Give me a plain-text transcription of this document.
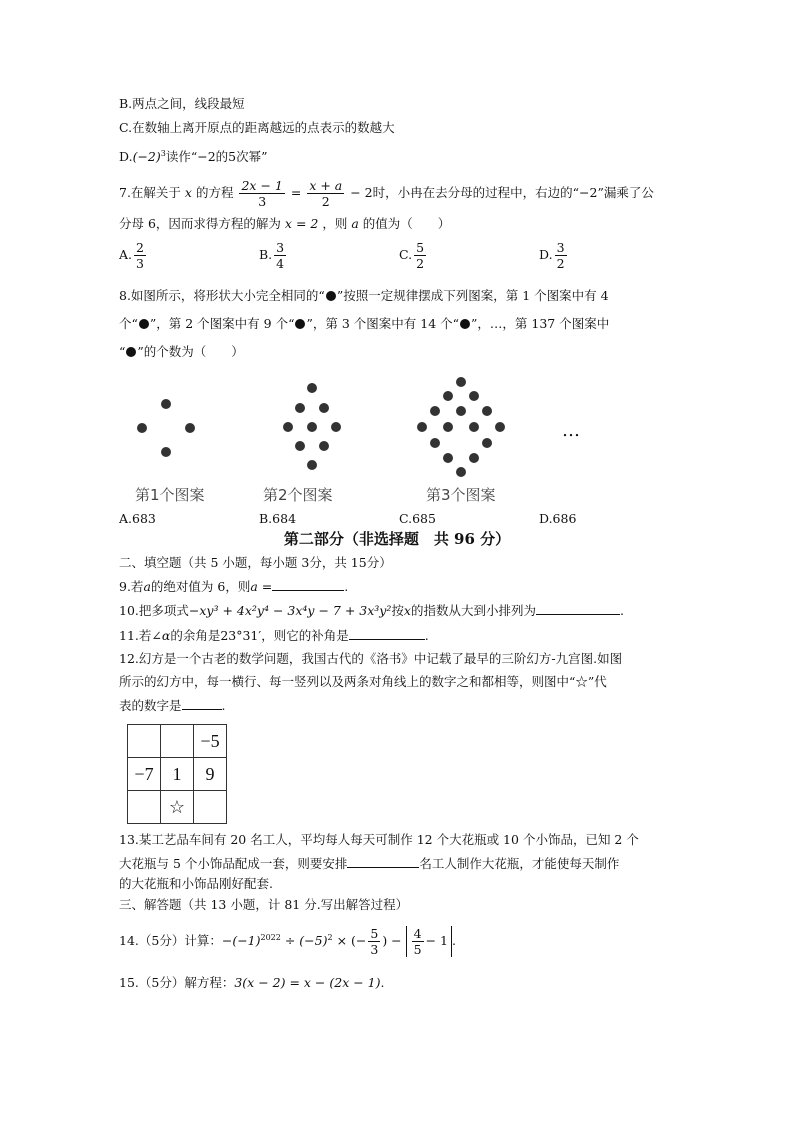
B.两点之间，线段最短
C.在数轴上离开原点的距离越远的点表示的数越大
$D.(-2)^3$读作“−2的5次幂”
7.在解关于 x 的方程 $\frac{2x - 1}{3} = \frac{x + a}{2} - 2$时，小冉在去分母的过程中，右边的“−2”漏乘了公
分母 6，因而求得方程的解为 x = 2 ，则 a 的值为（　　）
A. $\frac{2}{3}$	B. $\frac{3}{4}$	C. $\frac{5}{2}$	D. $\frac{3}{2}$
8.如图所示，将形状大小完全相同的“ ”按照一定规律摆成下列图案，第 1 个图案中有 4
个“ ”，第 2 个图案中有 9 个“ ”，第 3 个图案中有 14 个“ ”，…，第 137 个图案中
“ ”的个数为（　　）
…
第1个图案	第2个图案	第3个图案
A.683	B.684	C.685	D.686
第二部分（非选择题　共 96 分）
二、填空题（共 5 小题，每小题 3分，共 15分）
9.若a的绝对值为 6，则a =	.
10.把多项式−xy³ + 4x²y⁴ − 3x⁴y − 7 + 3x³y²按x的指数从大到小排列为	.
11.若∠α的余角是23°31′，则它的补角是	.
12.幻方是一个古老的数学问题，我国古代的《洛书》中记载了最早的三阶幻方-九宫图.如图
所示的幻方中，每一横行、每一竖列以及两条对角线上的数字之和都相等，则图中“☆”代
表的数字是	.
		−5
−7	1	9
	☆	
13.某工艺品车间有 20 名工人，平均每人每天可制作 12 个大花瓶或 10 个小饰品，已知 2 个
大花瓶与 5 个小饰品配成一套，则要安排	名工人制作大花瓶，才能使每天制作
的大花瓶和小饰品刚好配套.
三、解答题（共 13 小题，计 81 分.写出解答过程）
14.（5分）计算：$-(-1)^{2022} \div (-5)^2$ × (− $\frac{5}{3}$ ) − $\frac{4}{5} - 1$ .
15.（5分）解方程：3(x − 2) = x − (2x − 1).
